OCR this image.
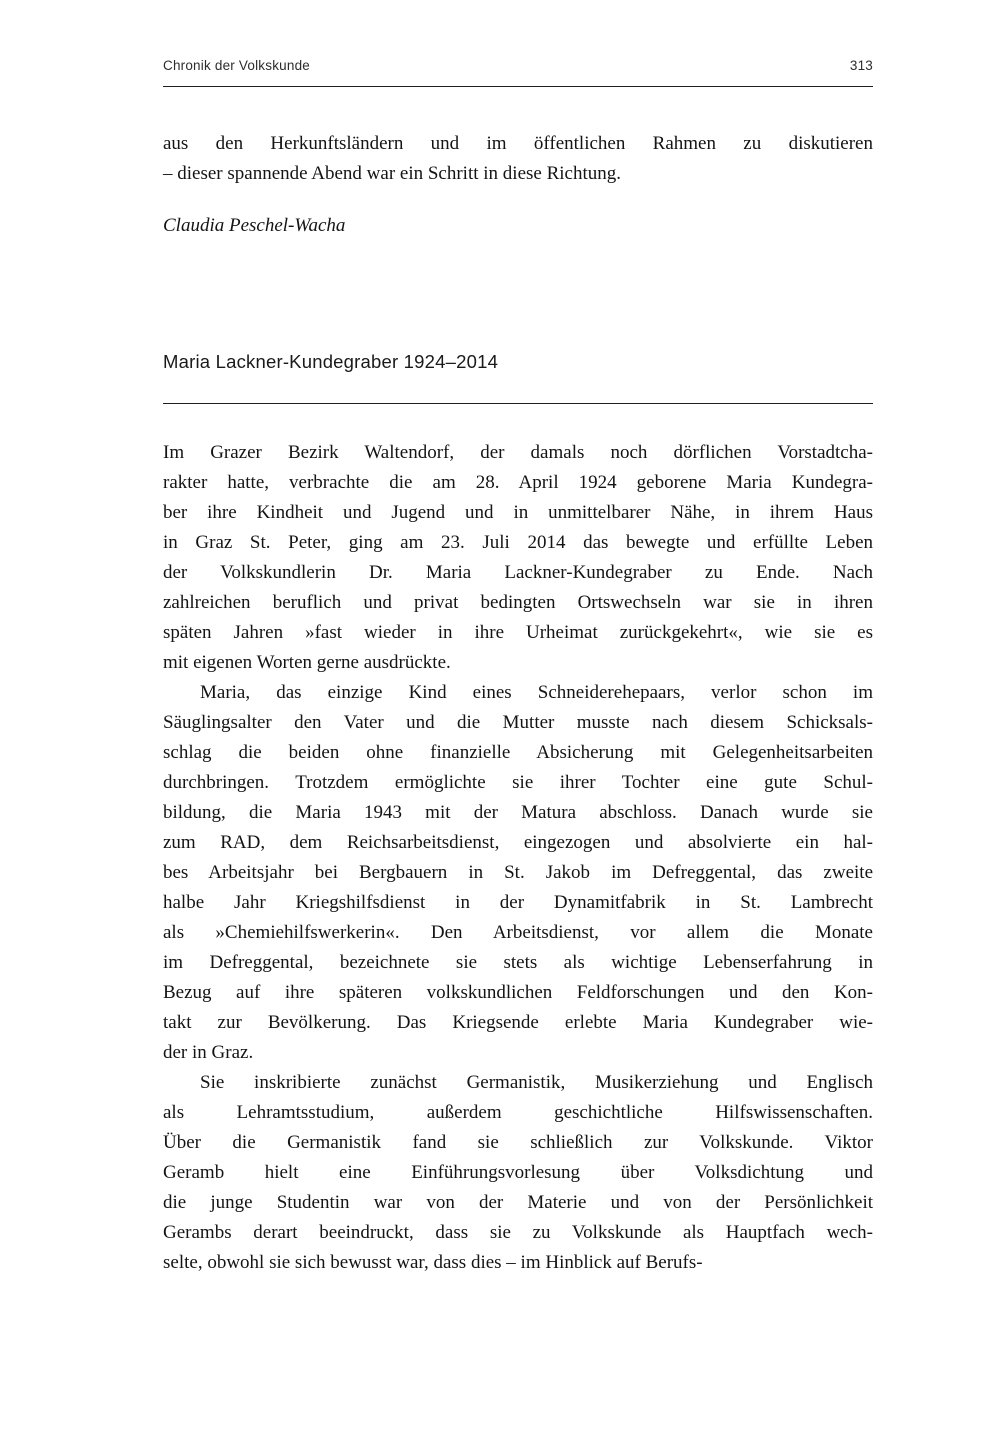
Chronik der Volkskunde	313
aus den Herkunftsländern und im öffentlichen Rahmen zu diskutieren
– dieser spannende Abend war ein Schritt in diese Richtung.
Claudia Peschel-Wacha
Maria Lackner-Kundegraber 1924–2014
Im Grazer Bezirk Waltendorf, der damals noch dörflichen Vorstadtcha-
rakter hatte, verbrachte die am 28. April 1924 geborene Maria Kundegra-
ber ihre Kindheit und Jugend und in unmittelbarer Nähe, in ihrem Haus
in Graz St. Peter, ging am 23. Juli 2014 das bewegte und erfüllte Leben
der Volkskundlerin Dr. Maria Lackner-Kundegraber zu Ende. Nach
zahlreichen beruflich und privat bedingten Ortswechseln war sie in ihren
späten Jahren »fast wieder in ihre Urheimat zurückgekehrt«, wie sie es
mit eigenen Worten gerne ausdrückte.
Maria, das einzige Kind eines Schneiderehepaars, verlor schon im
Säuglingsalter den Vater und die Mutter musste nach diesem Schicksals-
schlag die beiden ohne finanzielle Absicherung mit Gelegenheitsarbeiten
durchbringen. Trotzdem ermöglichte sie ihrer Tochter eine gute Schul-
bildung, die Maria 1943 mit der Matura abschloss. Danach wurde sie
zum RAD, dem Reichsarbeitsdienst, eingezogen und absolvierte ein hal-
bes Arbeitsjahr bei Bergbauern in St. Jakob im Defreggental, das zweite
halbe Jahr Kriegshilfsdienst in der Dynamitfabrik in St. Lambrecht
als »Chemiehilfswerkerin«. Den Arbeitsdienst, vor allem die Monate
im Defreggental, bezeichnete sie stets als wichtige Lebenserfahrung in
Bezug auf ihre späteren volkskundlichen Feldforschungen und den Kon-
takt zur Bevölkerung. Das Kriegsende erlebte Maria Kundegraber wie-
der in Graz.
Sie inskribierte zunächst Germanistik, Musikerziehung und Englisch
als Lehramtsstudium, außerdem geschichtliche Hilfswissenschaften.
Über die Germanistik fand sie schließlich zur Volkskunde. Viktor
Geramb hielt eine Einführungsvorlesung über Volksdichtung und
die junge Studentin war von der Materie und von der Persönlichkeit
Gerambs derart beeindruckt, dass sie zu Volkskunde als Hauptfach wech-
selte, obwohl sie sich bewusst war, dass dies – im Hinblick auf Berufs-
